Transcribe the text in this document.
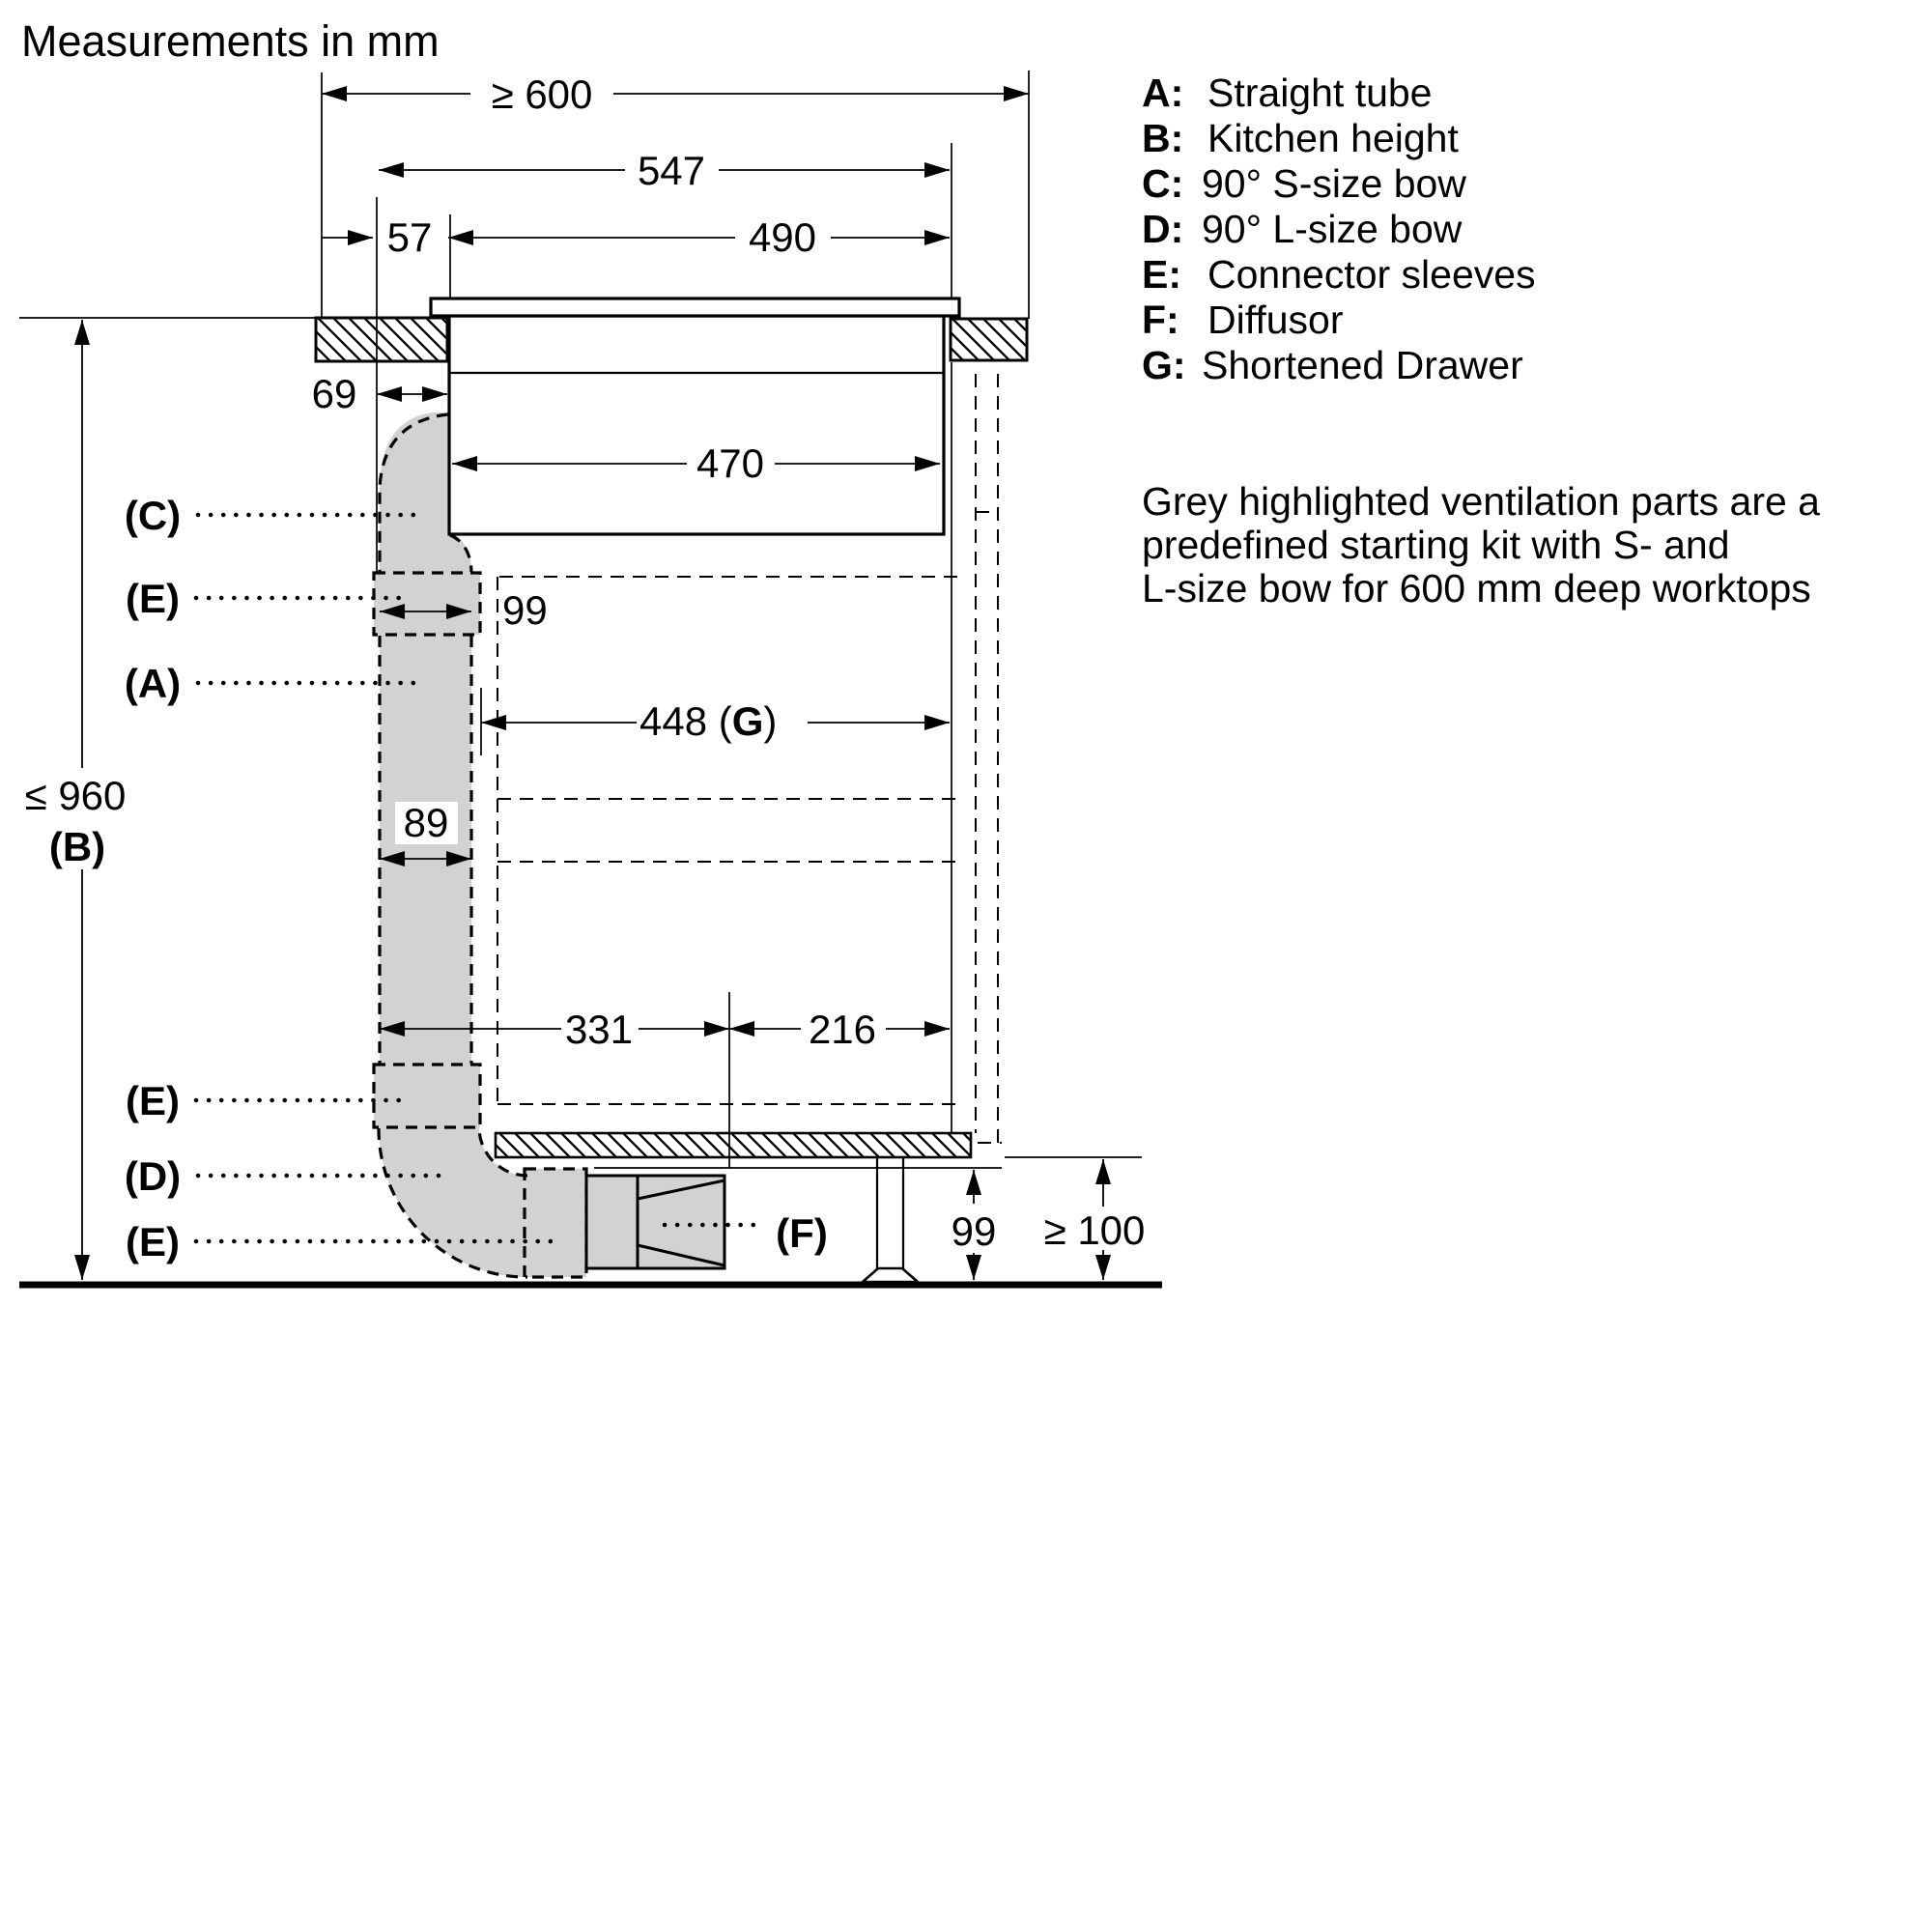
Measurements in mm
≥ 600
547
57	490
69
470
99
448 (G)
89
331	216
99 ≥ 100
≤ 960
(B)
(C)
(E)
(A)
(E)
(D)
(E)	(F)
A: Straight tube
B: Kitchen height
C: 90° S-size bow
D: 90° L-size bow
E: Connector sleeves
F: Diffusor
G: Shortened Drawer
Grey highlighted ventilation parts are a
predefined starting kit with S- and
L-size bow for 600 mm deep worktops
